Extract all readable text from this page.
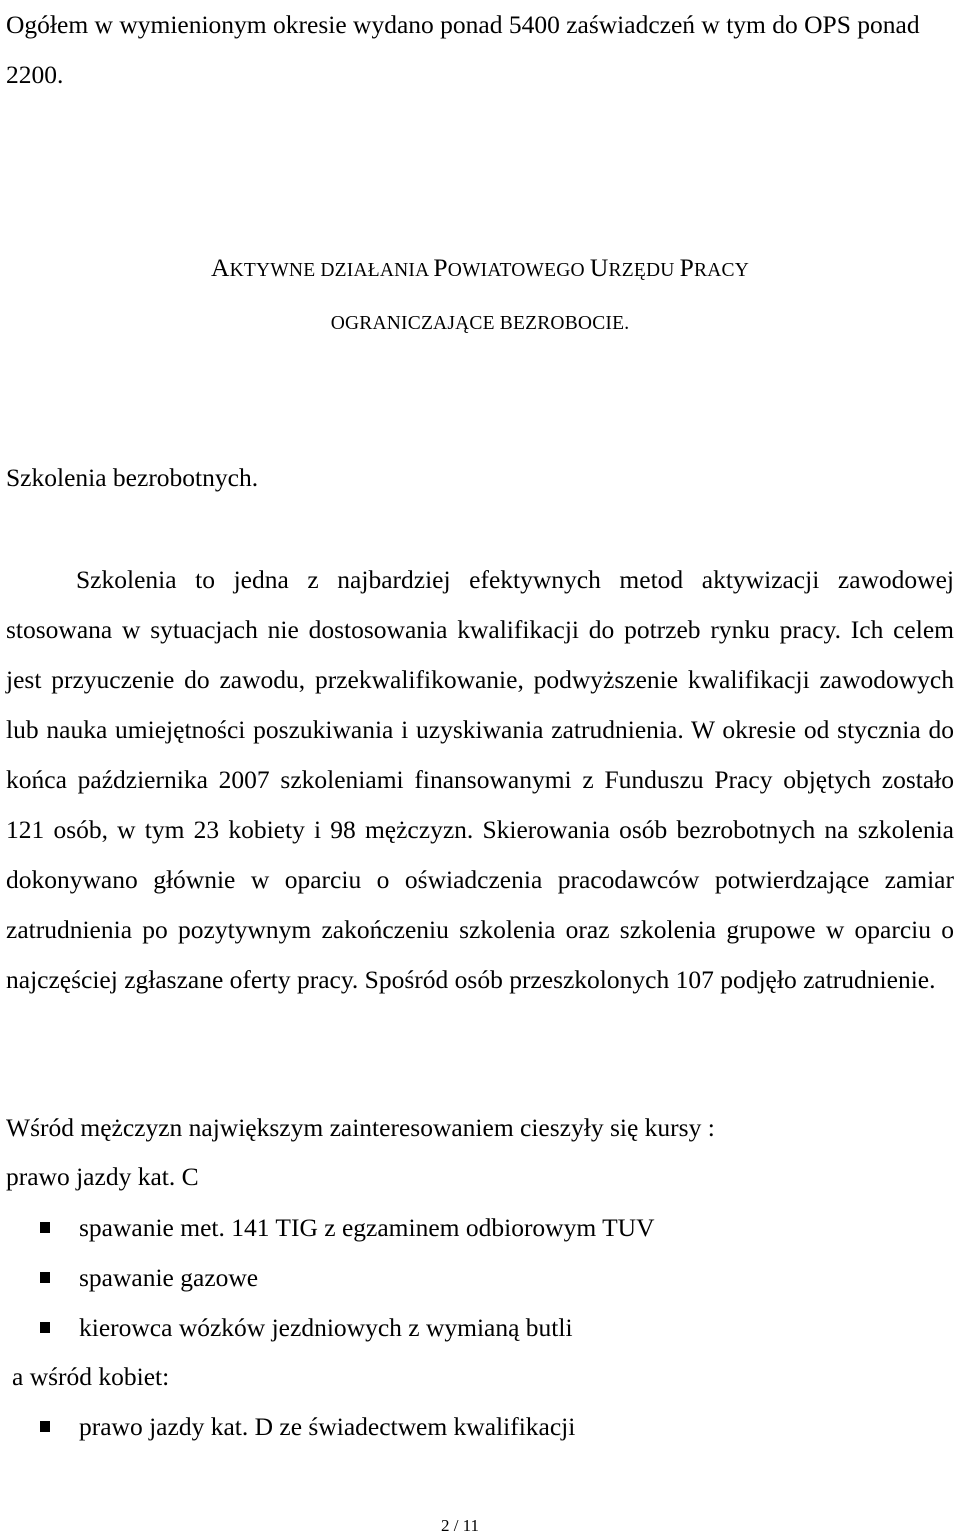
Ogółem w wymienionym okresie wydano ponad 5400 zaświadczeń w tym do OPS ponad 2200.

AKTYWNE DZIAŁANIA POWIATOWEGO URZĘDU PRACY

OGRANICZAJĄCE BEZROBOCIE.

Szkolenia bezrobotnych.

Szkolenia to jedna z najbardziej efektywnych metod aktywizacji zawodowej stosowana w sytuacjach nie dostosowania kwalifikacji do potrzeb rynku pracy. Ich celem jest przyuczenie do zawodu, przekwalifikowanie, podwyższenie kwalifikacji zawodowych lub nauka umiejętności poszukiwania i uzyskiwania zatrudnienia. W okresie od stycznia do końca października 2007 szkoleniami finansowanymi z Funduszu Pracy objętych zostało 121 osób, w tym 23 kobiety i 98 mężczyzn. Skierowania osób bezrobotnych na szkolenia dokonywano głównie w oparciu o oświadczenia pracodawców potwierdzające zamiar zatrudnienia po pozytywnym zakończeniu szkolenia oraz szkolenia grupowe w oparciu o najczęściej zgłaszane oferty pracy. Spośród osób przeszkolonych 107 podjęło zatrudnienie.

Wśród mężczyzn największym zainteresowaniem cieszyły się kursy :

prawo jazdy kat. C

spawanie met. 141 TIG z egzaminem odbiorowym TUV
spawanie gazowe
kierowca wózków jezdniowych z wymianą butli

a wśród kobiet:

prawo jazdy kat. D ze świadectwem kwalifikacji

2 / 11
